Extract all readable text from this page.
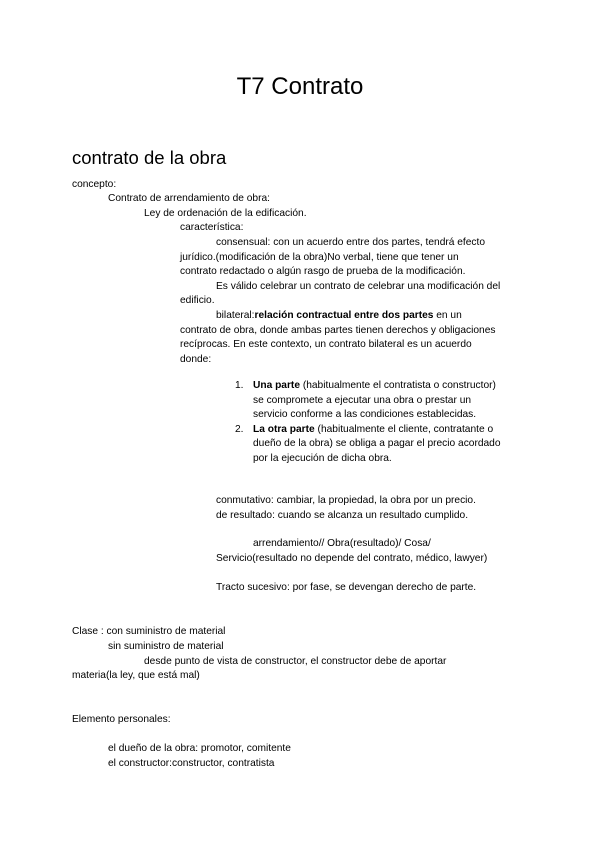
T7 Contrato
contrato de la obra
concepto:
Contrato de arrendamiento de obra:
Ley de ordenación de la edificación.
característica:
consensual: con un acuerdo entre dos partes, tendrá efecto
jurídico.(modificación de la obra)No verbal, tiene que tener un
contrato redactado o algún rasgo de prueba de la modificación.
Es válido celebrar un contrato de celebrar una modificación del
edificio.
bilateral:relación contractual entre dos partes en un
contrato de obra, donde ambas partes tienen derechos y obligaciones
recíprocas. En este contexto, un contrato bilateral es un acuerdo
donde:
1. Una parte (habitualmente el contratista o constructor)
se compromete a ejecutar una obra o prestar un
servicio conforme a las condiciones establecidas.
2. La otra parte (habitualmente el cliente, contratante o
dueño de la obra) se obliga a pagar el precio acordado
por la ejecución de dicha obra.
conmutativo: cambiar, la propiedad, la obra por un precio.
de resultado: cuando se alcanza un resultado cumplido.
arrendamiento// Obra(resultado)/ Cosa/
Servicio(resultado no depende del contrato, médico, lawyer)
Tracto sucesivo: por fase, se devengan derecho de parte.
Clase : con suministro de material
sin suministro de material
desde punto de vista de constructor, el constructor debe de aportar
materia(la ley, que está mal)
Elemento personales:
el dueño de la obra: promotor, comitente
el constructor:constructor, contratista
